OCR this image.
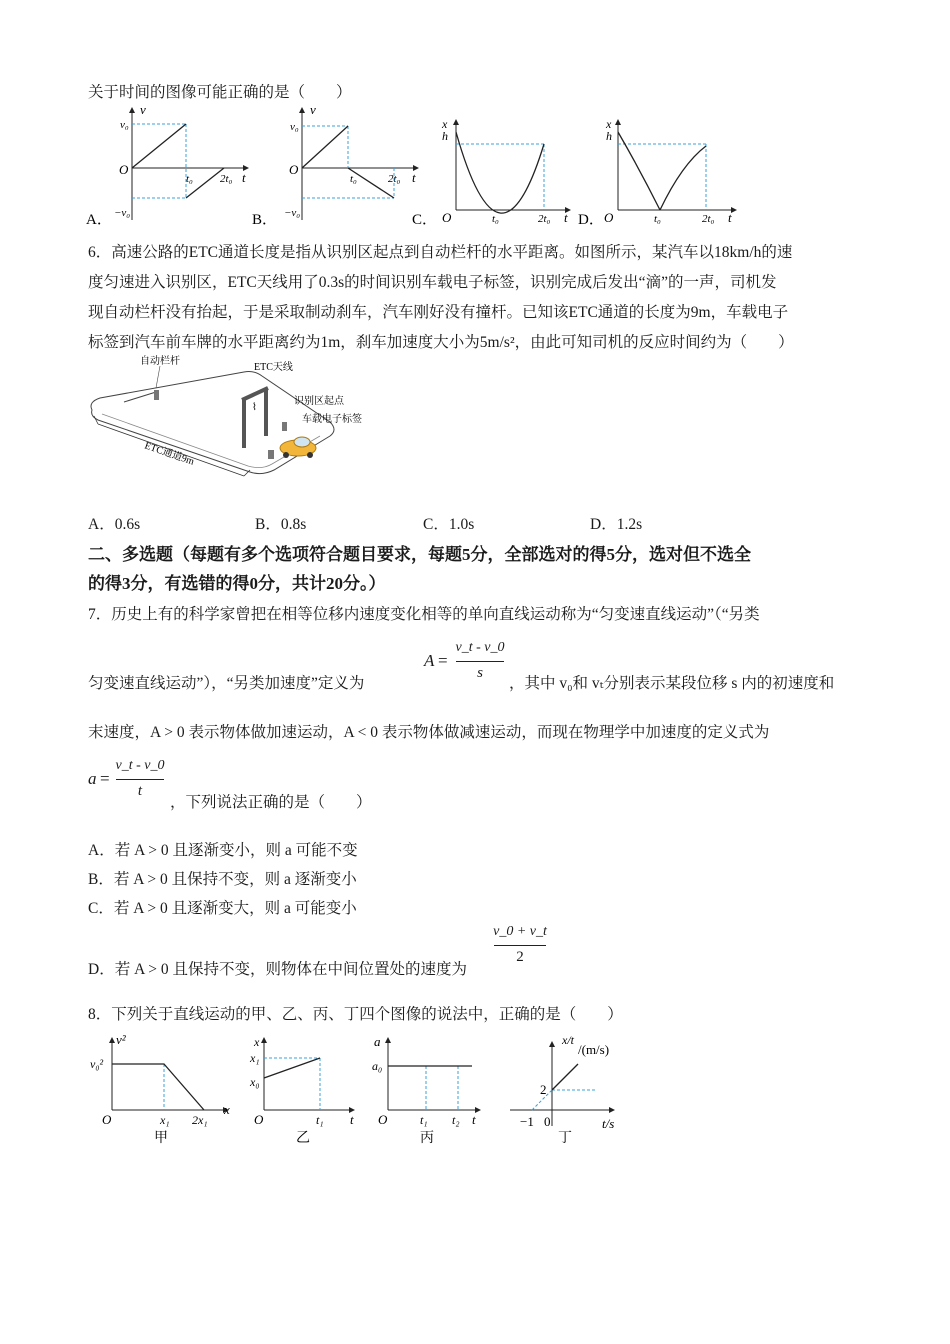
关于时间的图像可能正确的是（　　）
A．
v
v₀
O
−v₀
t₀ 2t₀ t
B．
v
v₀
O
−v₀
t₀	2t₀ t
C．
x
h
O	t₀	2t₀ t D．
x
h
O	t₀	2t₀ t
6．高速公路的ETC通道长度是指从识别区起点到自动栏杆的水平距离。如图所示，某汽车以18km/h的速
度匀速进入识别区，ETC天线用了0.3s的时间识别车载电子标签，识别完成后发出“滴”的一声，司机发
现自动栏杆没有抬起，于是采取制动刹车，汽车刚好没有撞杆。已知该ETC通道的长度为9m，车载电子
标签到汽车前车牌的水平距离约为1m，刹车加速度大小为5m/s²，由此可知司机的反应时间约为（　　）
⌇
自动栏杆
ETC天线
识别区起点
车载电子标签
ETC通道9m
A．0.6s	B．0.8s	C．1.0s	D．1.2s
二、多选题（每题有多个选项符合题目要求，每题5分，全部选对的得5分，选对但不选全
的得3分，有选错的得0分，共计20分。）
7．历史上有的科学家曾把在相等位移内速度变化相等的单向直线运动称为“匀变速直线运动”（“另类
匀变速直线运动”），“另类加速度”定义为
A =
v_t - v_0
s
，其中 v₀和 vₜ分别表示某段位移 s 内的初速度和
末速度，A > 0 表示物体做加速运动，A < 0 表示物体做减速运动，而现在物理学中加速度的定义式为
a =
v_t - v_0
t
，下列说法正确的是（　　）
A．若 A > 0 且逐渐变小，则 a 可能不变
B．若 A > 0 且保持不变，则 a 逐渐变小
C．若 A > 0 且逐渐变大，则 a 可能变小
D．若 A > 0 且保持不变，则物体在中间位置处的速度为
v_0 + v_t
2
8．下列关于直线运动的甲、乙、丙、丁四个图像的说法中，正确的是（　　）
v²
v₀²
O	x₁ 2x₁
x
甲
x
x₁
x₀
O	t₁ t
乙
a
a₀
O	t₁ t₂ t
丙
x/t
/(m/s)
2
−1 0	t/s
丁
